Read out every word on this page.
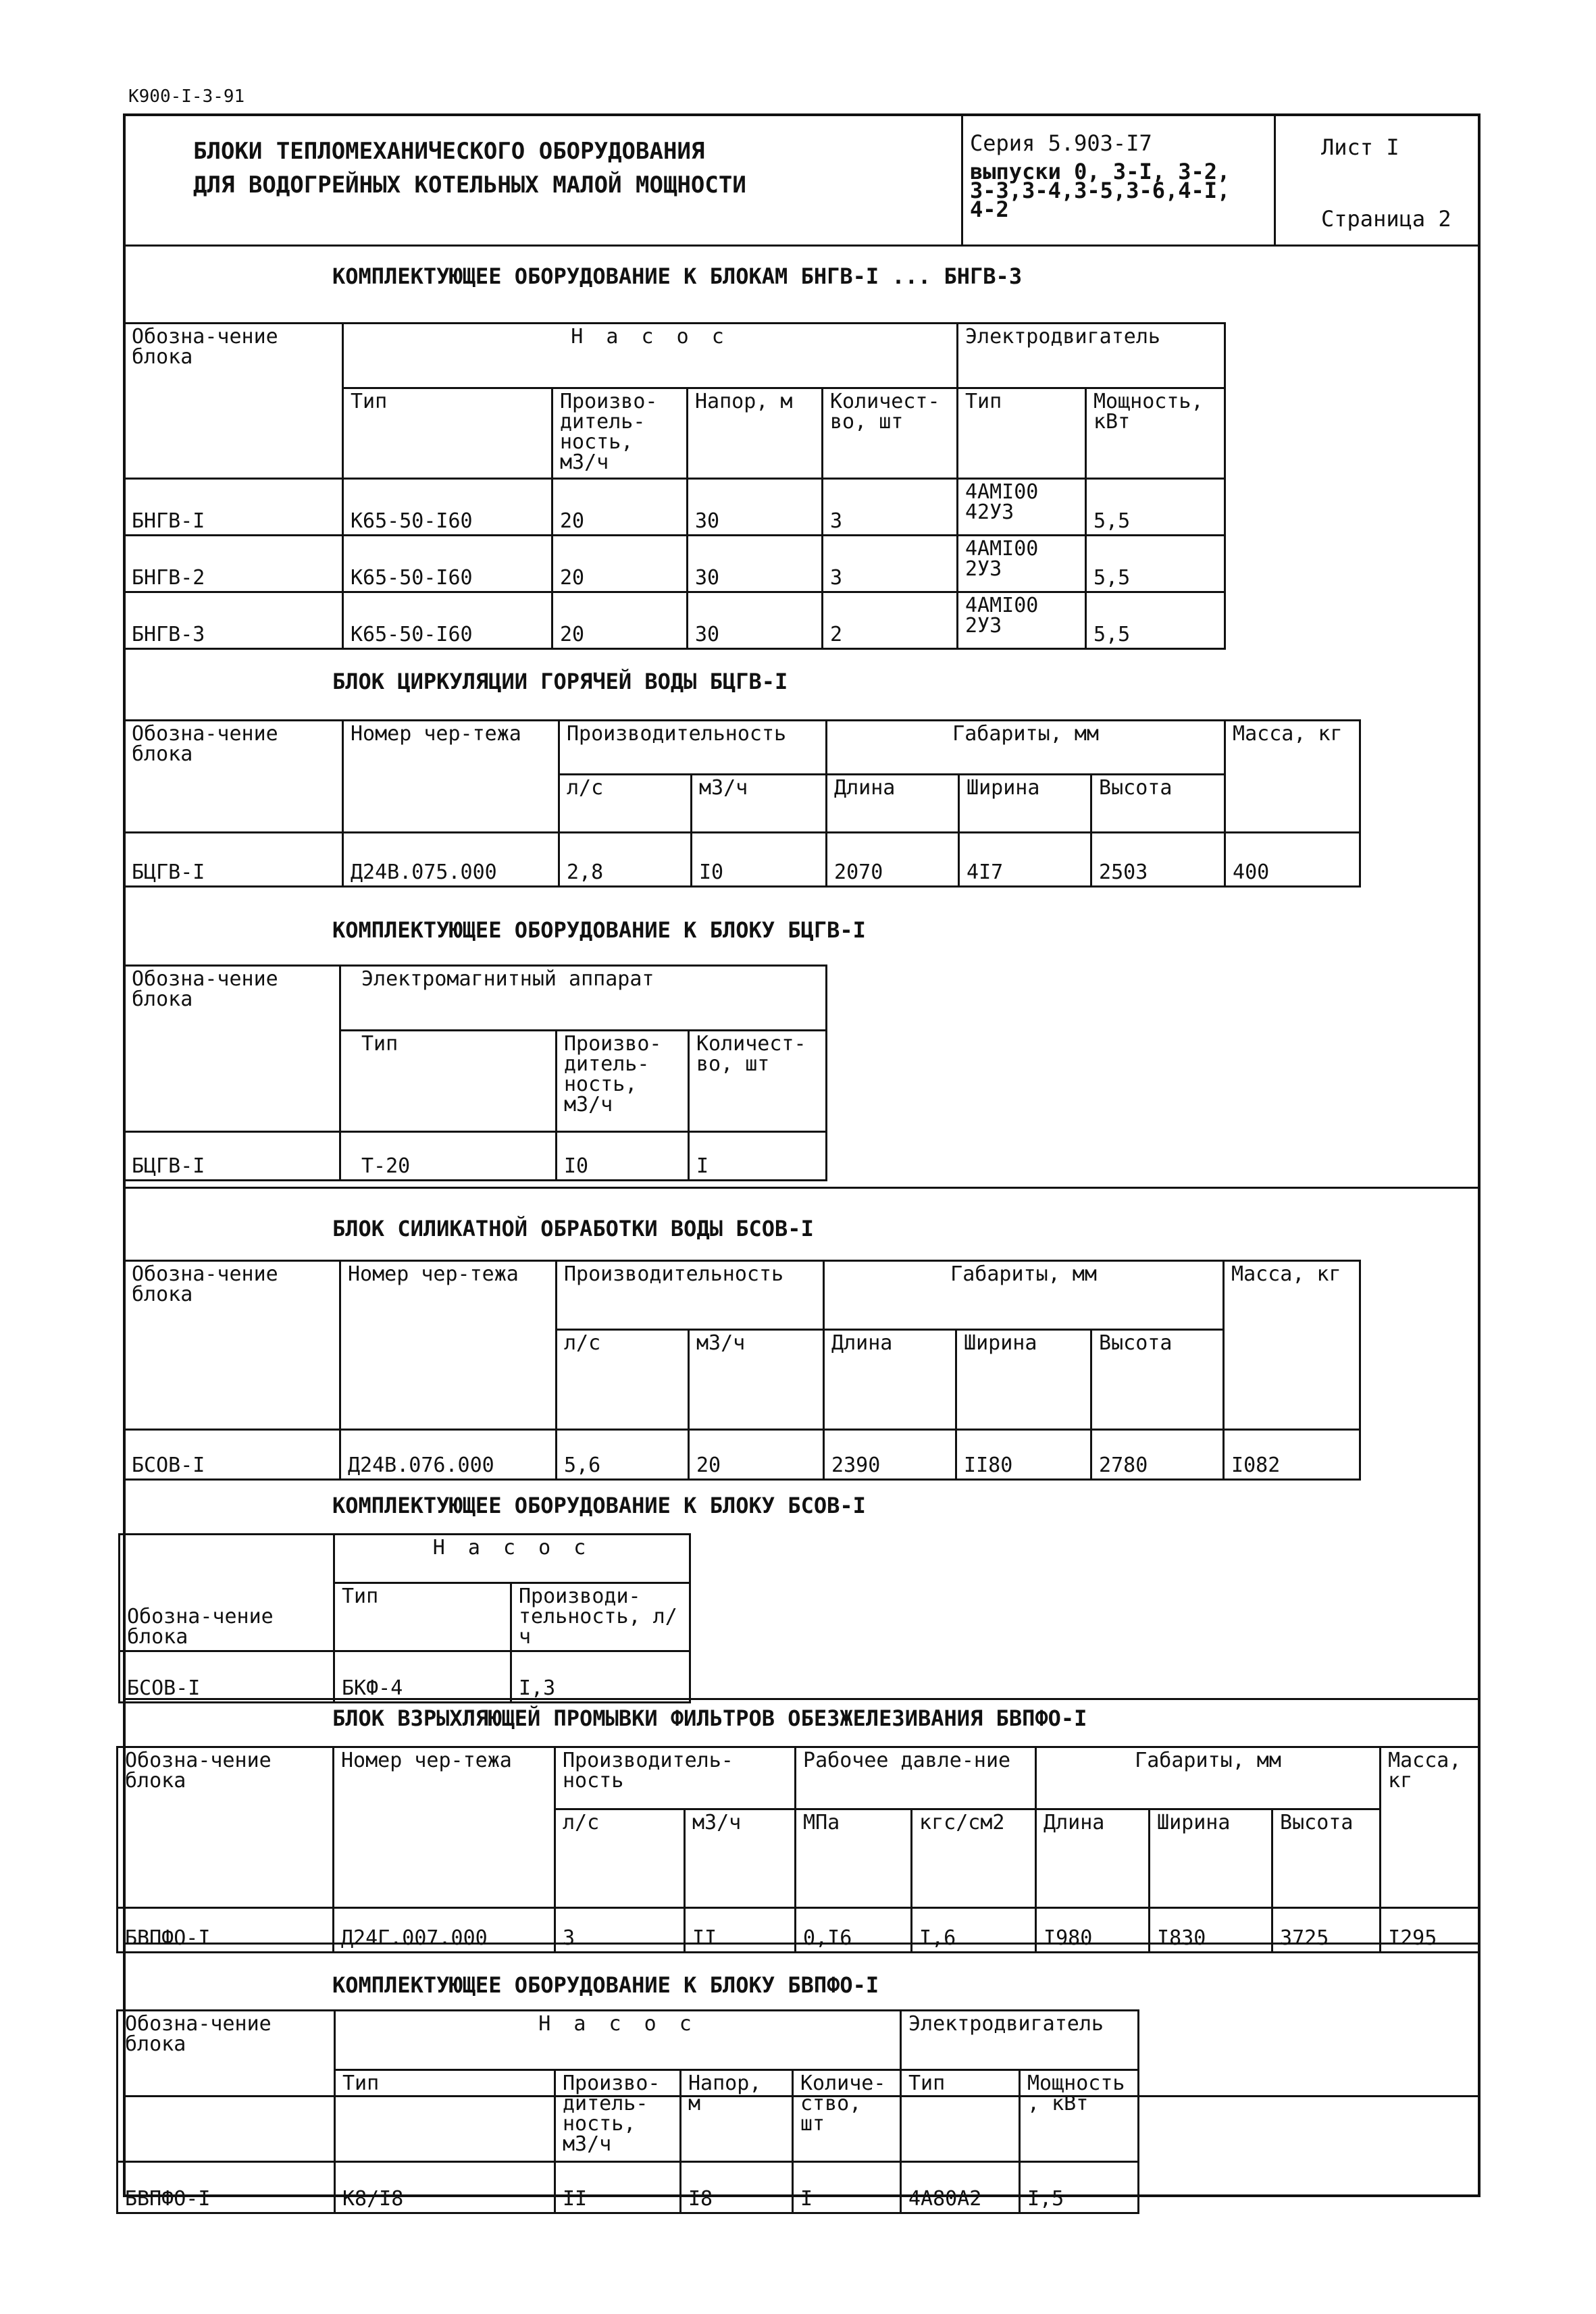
К900-I-3-91
БЛОКИ ТЕПЛОМЕХАНИЧЕСКОГО ОБОРУДОВАНИЯ
ДЛЯ ВОДОГРЕЙНЫХ КОТЕЛЬНЫХ МАЛОЙ МОЩНОСТИ
Серия 5.903-I7
выпуски 0, 3-I, 3-2,
3-3,3-4,3-5,3-6,4-I,
4-2
Лист I
Страница 2
КОМПЛЕКТУЮЩЕЕ ОБОРУДОВАНИЕ К БЛОКАМ БНГВ-I ... БНГВ-3
Обозна-чение блока	Н а с о с				Электродвигатель	
	Тип	Произво-дитель-ность, м3/ч	Напор, м	Количест-во, шт	Тип	Мощность, кВт
БНГВ-I	К65-50-I60	20	30	3	4АМI00 42У3	5,5
БНГВ-2	К65-50-I60	20	30	3	4АМI00 2У3	5,5
БНГВ-3	К65-50-I60	20	30	2	4АМI00 2У3	5,5
БЛОК ЦИРКУЛЯЦИИ ГОРЯЧЕЙ ВОДЫ БЦГВ-I
Обозна-чение блока	Номер чер-тежа	Производительность		Габариты, мм			Масса, кг
		л/с	м3/ч	Длина	Ширина	Высота	
БЦГВ-I	Д24В.075.000	2,8	I0	2070	4I7	2503	400
КОМПЛЕКТУЮЩЕЕ ОБОРУДОВАНИЕ К БЛОКУ БЦГВ-I
Обозна-чение блока	Электромагнитный аппарат		
	Тип	Произво-дитель-ность, м3/ч	Количест-во, шт
БЦГВ-I	Т-20	I0	I
БЛОК СИЛИКАТНОЙ ОБРАБОТКИ ВОДЫ БСОВ-I
Обозна-чение блока	Номер чер-тежа	Производительность		Габариты, мм			Масса, кг
		л/с	м3/ч	Длина	Ширина	Высота	
БСОВ-I	Д24В.076.000	5,6	20	2390	II80	2780	I082
КОМПЛЕКТУЮЩЕЕ ОБОРУДОВАНИЕ К БЛОКУ БСОВ-I
Обозна-чение блока	Н а с о с	
	Тип	Производи-тельность, л/ч
БСОВ-I	БКФ-4	I,3
БЛОК ВЗРЫХЛЯЮЩЕЙ ПРОМЫВКИ ФИЛЬТРОВ ОБЕЗЖЕЛЕЗИВАНИЯ БВПФО-I
Обозна-чение блока	Номер чер-тежа	Производитель-ность		Рабочее давле-ние		Габариты, мм			Масса, кг
		л/с	м3/ч	МПа	кгс/см2	Длина	Ширина	Высота	
БВПФО-I	Д24Г.007.000	3	II	0,I6	I,6	I980	I830	3725	I295
КОМПЛЕКТУЮЩЕЕ ОБОРУДОВАНИЕ К БЛОКУ БВПФО-I
Обозна-чение блока	Н а с о с				Электродвигатель	
	Тип	Произво-дитель-ность, м3/ч	Напор, м	Количе-ство, шт	Тип	Мощность, кВт
БВПФО-I	К8/I8	II	I8	I	4А80А2	I,5
